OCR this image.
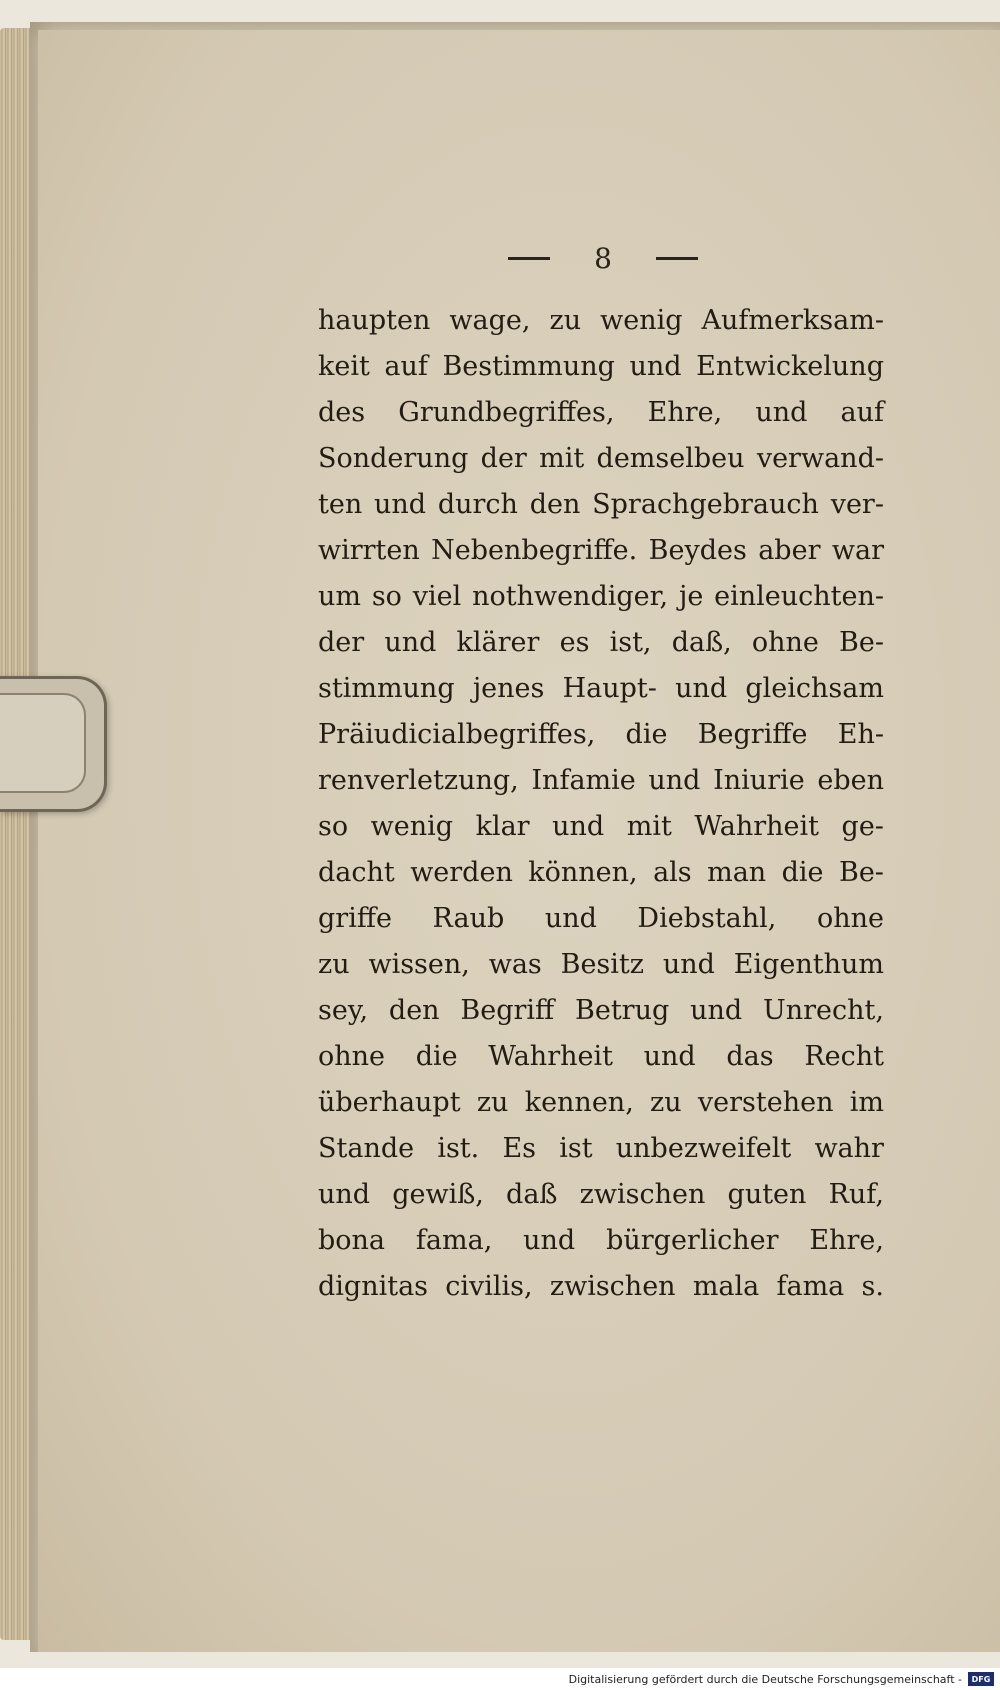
8
haupten wage, zu wenig Aufmerksam-
keit auf Bestimmung und Entwickelung
des Grundbegriffes, Ehre, und auf
Sonderung der mit demselbeu verwand-
ten und durch den Sprachgebrauch ver-
wirrten Nebenbegriffe. Beydes aber war
um so viel nothwendiger, je einleuchten-
der und klärer es ist, daß, ohne Be-
stimmung jenes Haupt- und gleichsam
Präiudicialbegriffes, die Begriffe Eh-
renverletzung, Infamie und Iniurie eben
so wenig klar und mit Wahrheit ge-
dacht werden können, als man die Be-
griffe Raub und Diebstahl, ohne
zu wissen, was Besitz und Eigenthum
sey, den Begriff Betrug und Unrecht,
ohne die Wahrheit und das Recht
überhaupt zu kennen, zu verstehen im
Stande ist. Es ist unbezweifelt wahr
und gewiß, daß zwischen guten Ruf,
bona fama, und bürgerlicher Ehre,
dignitas civilis, zwischen mala fama s.
Digitalisierung gefördert durch die Deutsche Forschungsgemeinschaft -	DFG
